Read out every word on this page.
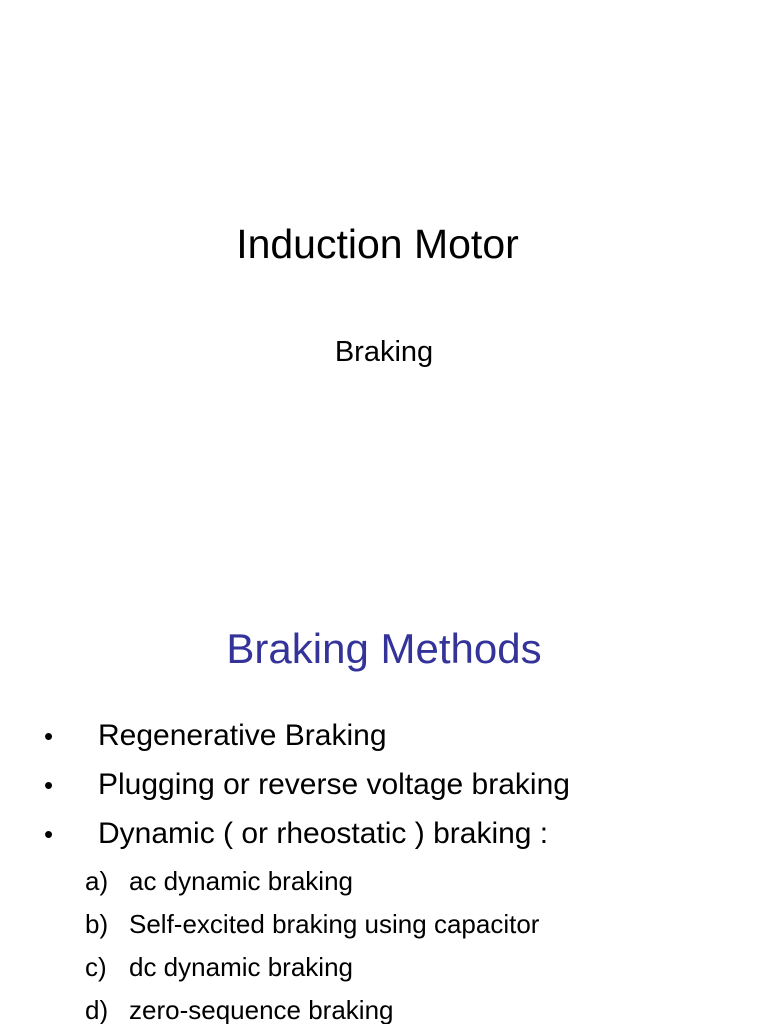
Induction Motor
Braking
Braking Methods
• Regenerative Braking
• Plugging or reverse voltage braking
• Dynamic ( or rheostatic ) braking :
a) ac dynamic braking
b) Self-excited braking using capacitor
c) dc dynamic braking
d) zero-sequence braking
